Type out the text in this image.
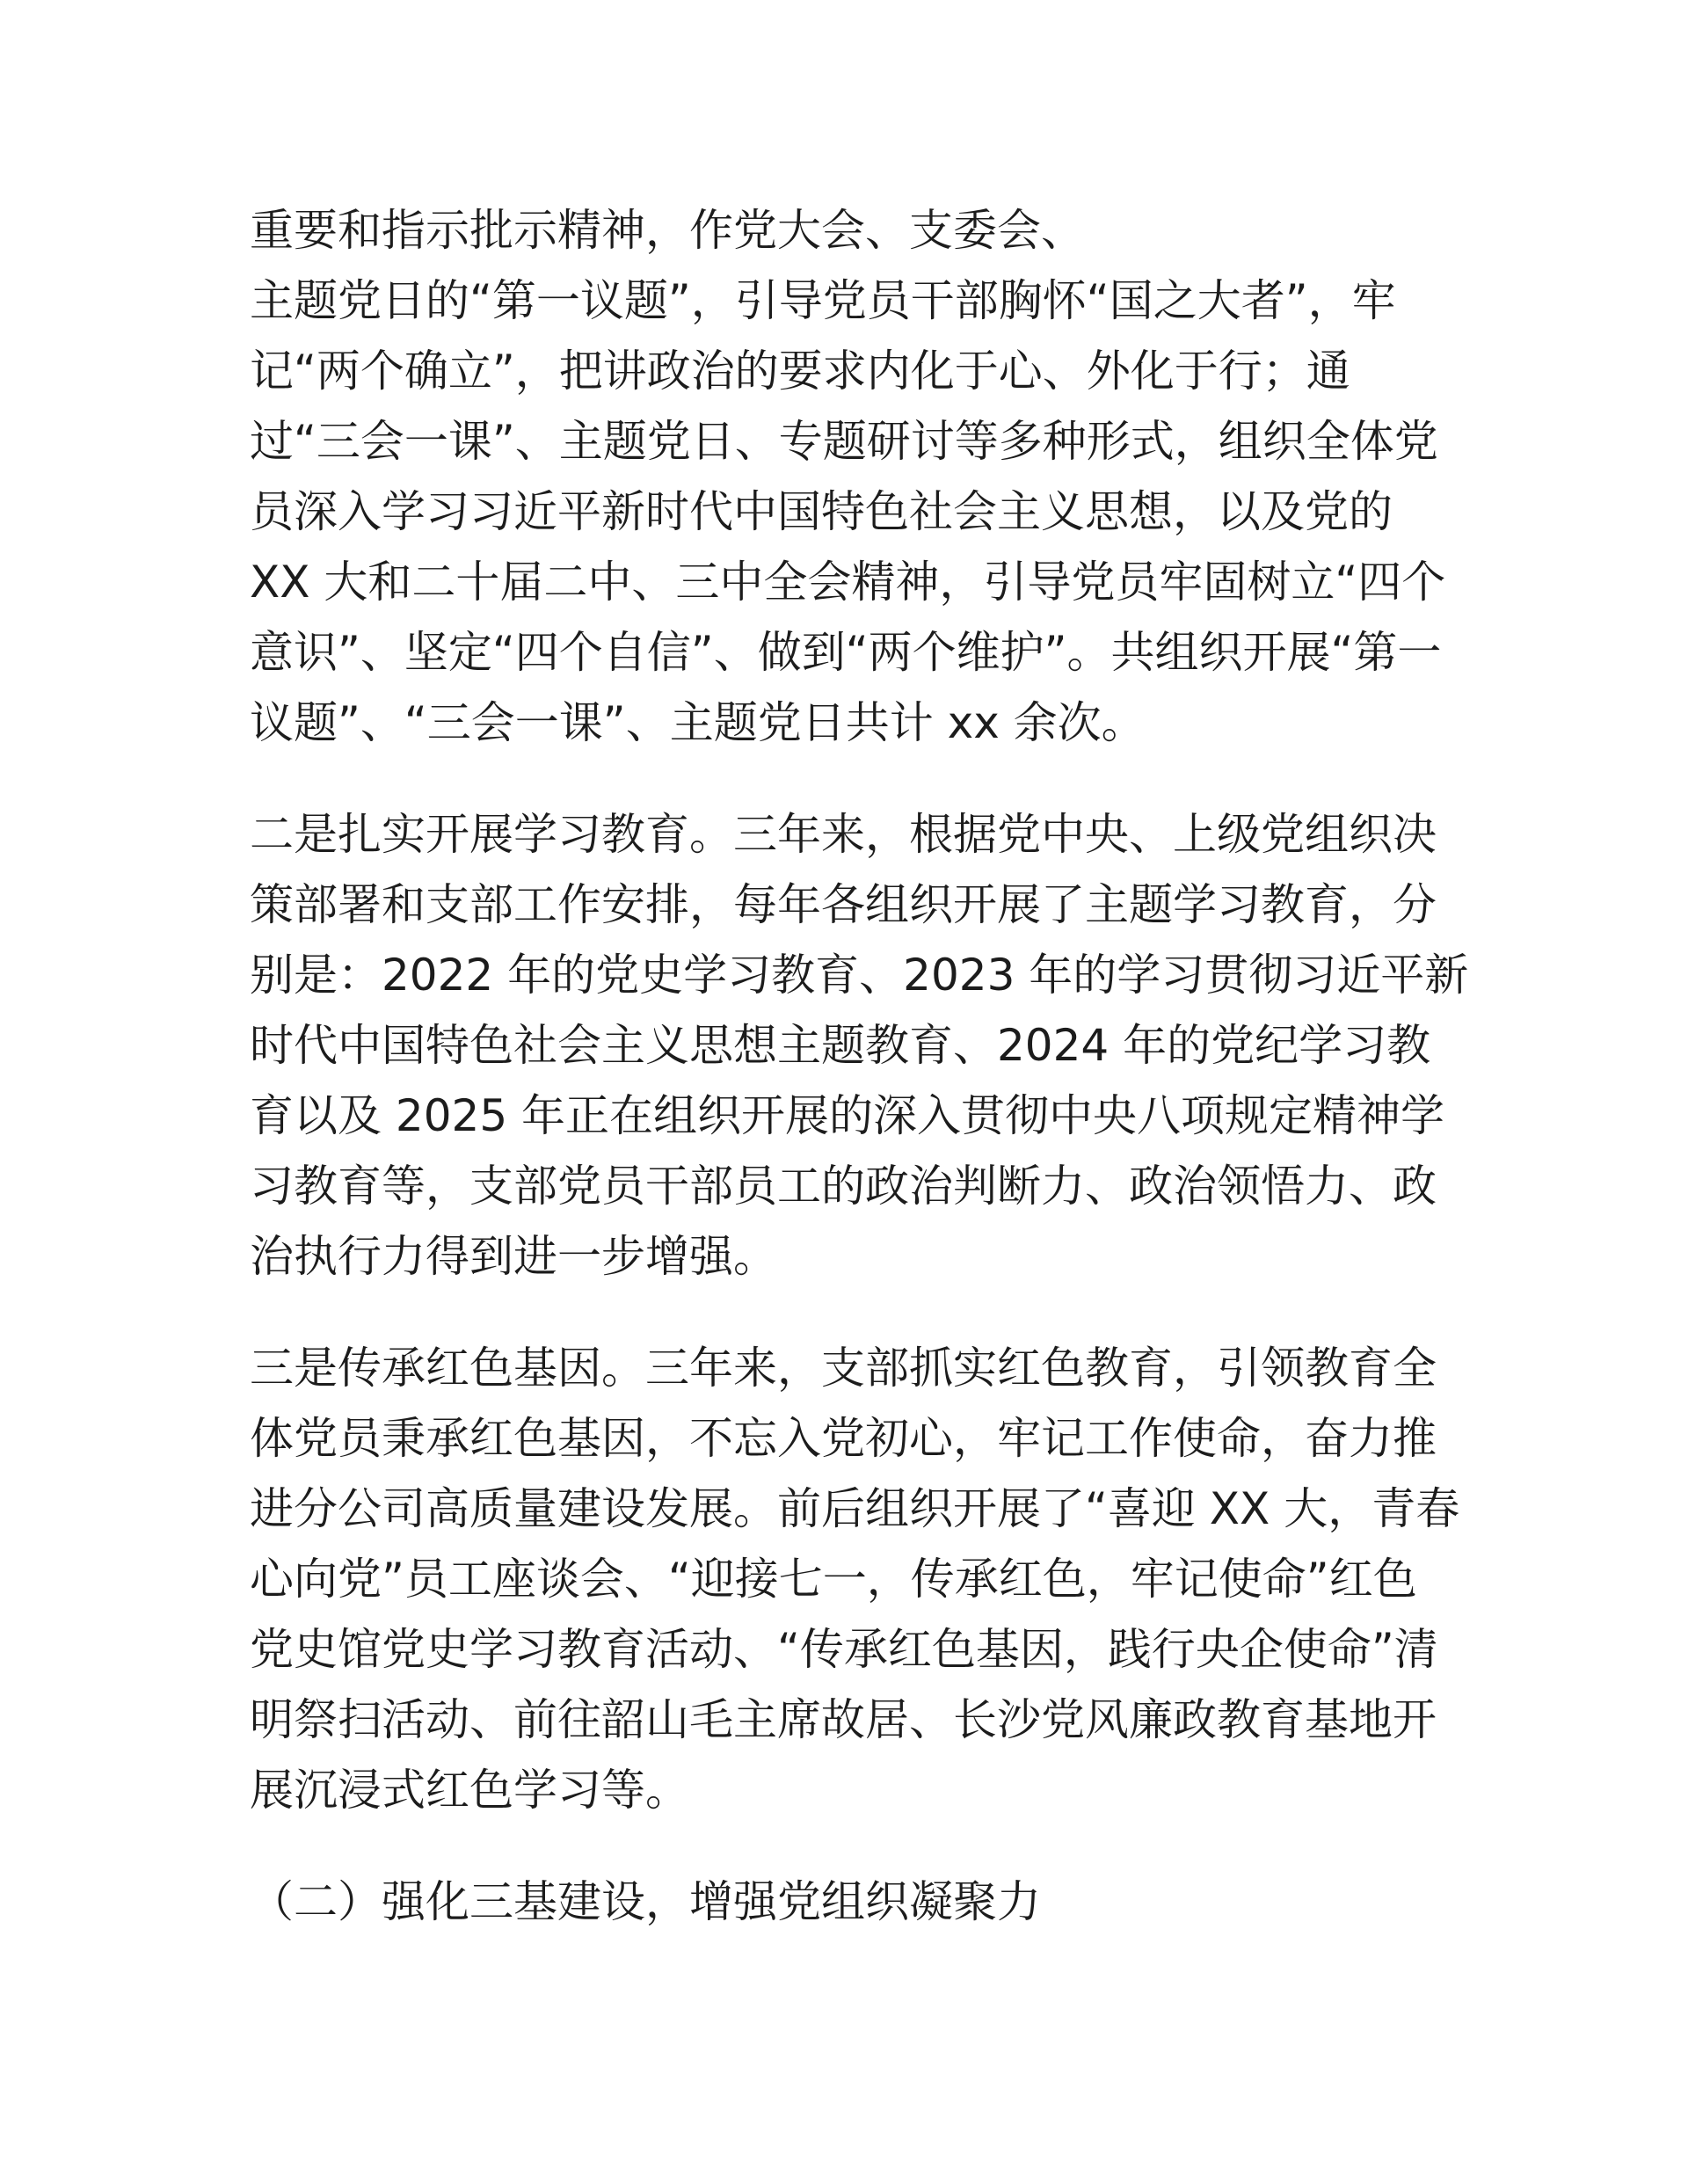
重要和指示批示精神，作党大会、支委会、
主题党日的“第一议题”，引导党员干部胸怀“国之大者”，牢
记“两个确立”，把讲政治的要求内化于心、外化于行；通
过“三会一课”、主题党日、专题研讨等多种形式，组织全体党
员深入学习习近平新时代中国特色社会主义思想，以及党的
XX 大和二十届二中、三中全会精神，引导党员牢固树立“四个
意识”、坚定“四个自信”、做到“两个维护”。共组织开展“第一
议题”、“三会一课”、主题党日共计 xx 余次。
二是扎实开展学习教育。三年来，根据党中央、上级党组织决
策部署和支部工作安排，每年各组织开展了主题学习教育，分
别是：2022 年的党史学习教育、2023 年的学习贯彻习近平新
时代中国特色社会主义思想主题教育、2024 年的党纪学习教
育以及 2025 年正在组织开展的深入贯彻中央八项规定精神学
习教育等，支部党员干部员工的政治判断力、政治领悟力、政
治执行力得到进一步增强。
三是传承红色基因。三年来，支部抓实红色教育，引领教育全
体党员秉承红色基因，不忘入党初心，牢记工作使命，奋力推
进分公司高质量建设发展。前后组织开展了“喜迎 XX 大，青春
心向党”员工座谈会、“迎接七一，传承红色，牢记使命”红色
党史馆党史学习教育活动、“传承红色基因，践行央企使命”清
明祭扫活动、前往韶山毛主席故居、长沙党风廉政教育基地开
展沉浸式红色学习等。
（二）强化三基建设，增强党组织凝聚力
